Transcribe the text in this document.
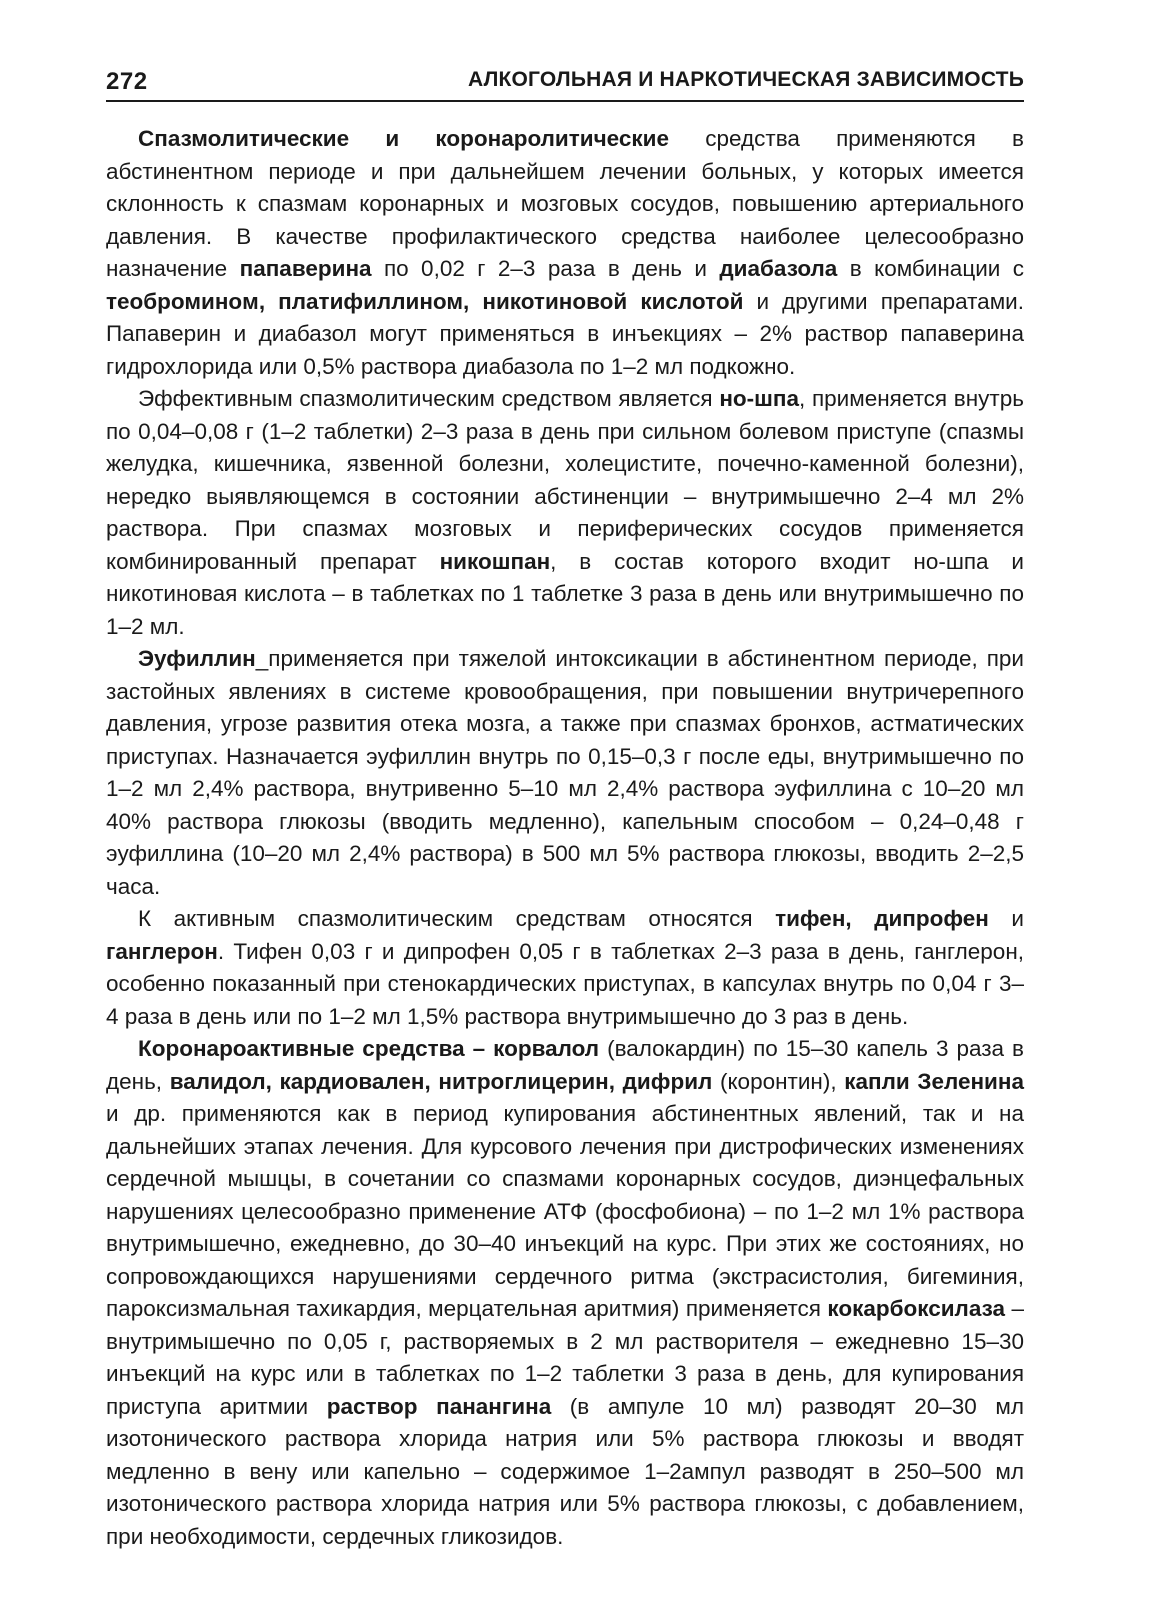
272	АЛКОГОЛЬНАЯ И НАРКОТИЧЕСКАЯ ЗАВИСИМОСТЬ

Спазмолитические и коронаролитические средства применяются в абстинентном периоде и при дальнейшем лечении больных, у которых имеется склонность к спазмам коронарных и мозговых сосудов, повышению артериального давления. В качестве профилактического средства наиболее целесообразно назначение папаверина по 0,02 г 2–3 раза в день и диабазола в комбинации с теоброминoм, платифиллином, никотиновой кислотой и другими препаратами. Папаверин и диабазол могут применяться в инъекциях – 2% раствор папаверина гидрохлорида или 0,5% раствора диабазола по 1–2 мл подкожно.

Эффективным спазмолитическим средством является но-шпа, применяется внутрь по 0,04–0,08 г (1–2 таблетки) 2–3 раза в день при сильном болевом приступе (спазмы желудка, кишечника, язвенной болезни, холецистите, почечно-каменной болезни), нередко выявляющемся в состоянии абстиненции – внутримышечно 2–4 мл 2% раствора. При спазмах мозговых и периферических сосудов применяется комбинированный препарат никошпан, в состав которого входит но-шпа и никотиновая кислота – в таблетках по 1 таблетке 3 раза в день или внутримышечно по 1–2 мл.

Эуфиллин_применяется при тяжелой интоксикации в абстинентном периоде, при застойных явлениях в системе кровообращения, при повышении внутричерепного давления, угрозе развития отека мозга, а также при спазмах бронхов, астматических приступах. Назначается эуфиллин внутрь по 0,15–0,3 г после еды, внутримышечно по 1–2 мл 2,4% раствора, внутривенно 5–10 мл 2,4% раствора эуфиллина с 10–20 мл 40% раствора глюкозы (вводить медленно), капельным способом – 0,24–0,48 г эуфиллина (10–20 мл 2,4% раствора) в 500 мл 5% раствора глюкозы, вводить 2–2,5 часа.

К активным спазмолитическим средствам относятся тифен, дипрофен и ганглерон. Тифен 0,03 г и дипрофен 0,05 г в таблетках 2–3 раза в день, ганглерон, особенно показанный при стенокардических приступах, в капсулах внутрь по 0,04 г 3–4 раза в день или по 1–2 мл 1,5% раствора внутримышечно до 3 раз в день.

Коронароактивные средства – корвалол (валокардин) по 15–30 капель 3 раза в день, валидол, кардиовален, нитроглицерин, дифрил (коронтин), капли Зеленина и др. применяются как в период купирования абстинентных явлений, так и на дальнейших этапах лечения. Для курсового лечения при дистрофических изменениях сердечной мышцы, в сочетании со спазмами коронарных сосудов, диэнцефальных нарушениях целесообразно применение АТФ (фосфобиона) – по 1–2 мл 1% раствора внутримышечно, ежедневно, до 30–40 инъекций на курс. При этих же состояниях, но сопровождающихся нарушениями сердечного ритма (экстрасистолия, бигеминия, пароксизмальная тахикардия, мерцательная аритмия) применяется кокарбоксилаза – внутримышечно по 0,05 г, растворяемых в 2 мл растворителя – ежедневно 15–30 инъекций на курс или в таблетках по 1–2 таблетки 3 раза в день, для купирования приступа аритмии раствор панангина (в ампуле 10 мл) разводят 20–30 мл изотонического раствора хлорида натрия или 5% раствора глюкозы и вводят медленно в вену или капельно – содержимое 1–2ампул разводят в 250–500 мл изотонического раствора хлорида натрия или 5% раствора глюкозы, с добавлением, при необходимости, сердечных гликозидов.
